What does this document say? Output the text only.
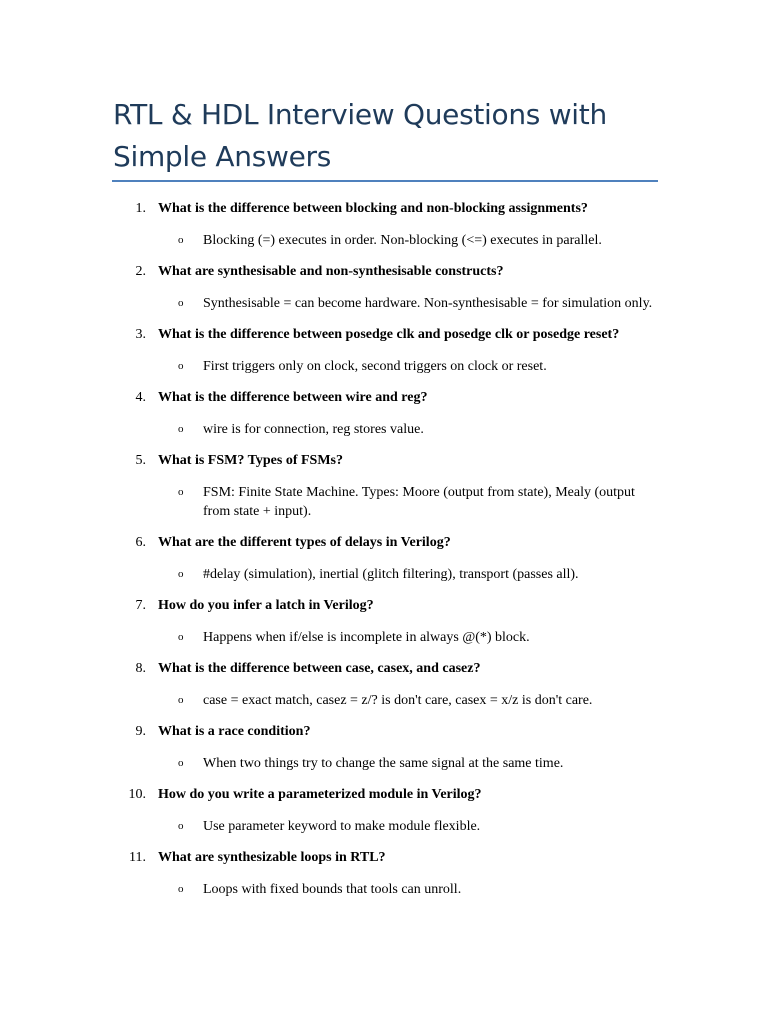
RTL & HDL Interview Questions with Simple Answers
1. What is the difference between blocking and non-blocking assignments?
o Blocking (=) executes in order. Non-blocking (<=) executes in parallel.
2. What are synthesisable and non-synthesisable constructs?
o Synthesisable = can become hardware. Non-synthesisable = for simulation only.
3. What is the difference between posedge clk and posedge clk or posedge reset?
o First triggers only on clock, second triggers on clock or reset.
4. What is the difference between wire and reg?
o wire is for connection, reg stores value.
5. What is FSM? Types of FSMs?
o FSM: Finite State Machine. Types: Moore (output from state), Mealy (output from state + input).
6. What are the different types of delays in Verilog?
o #delay (simulation), inertial (glitch filtering), transport (passes all).
7. How do you infer a latch in Verilog?
o Happens when if/else is incomplete in always @(*) block.
8. What is the difference between case, casex, and casez?
o case = exact match, casez = z/? is don't care, casex = x/z is don't care.
9. What is a race condition?
o When two things try to change the same signal at the same time.
10. How do you write a parameterized module in Verilog?
o Use parameter keyword to make module flexible.
11. What are synthesizable loops in RTL?
o Loops with fixed bounds that tools can unroll.
